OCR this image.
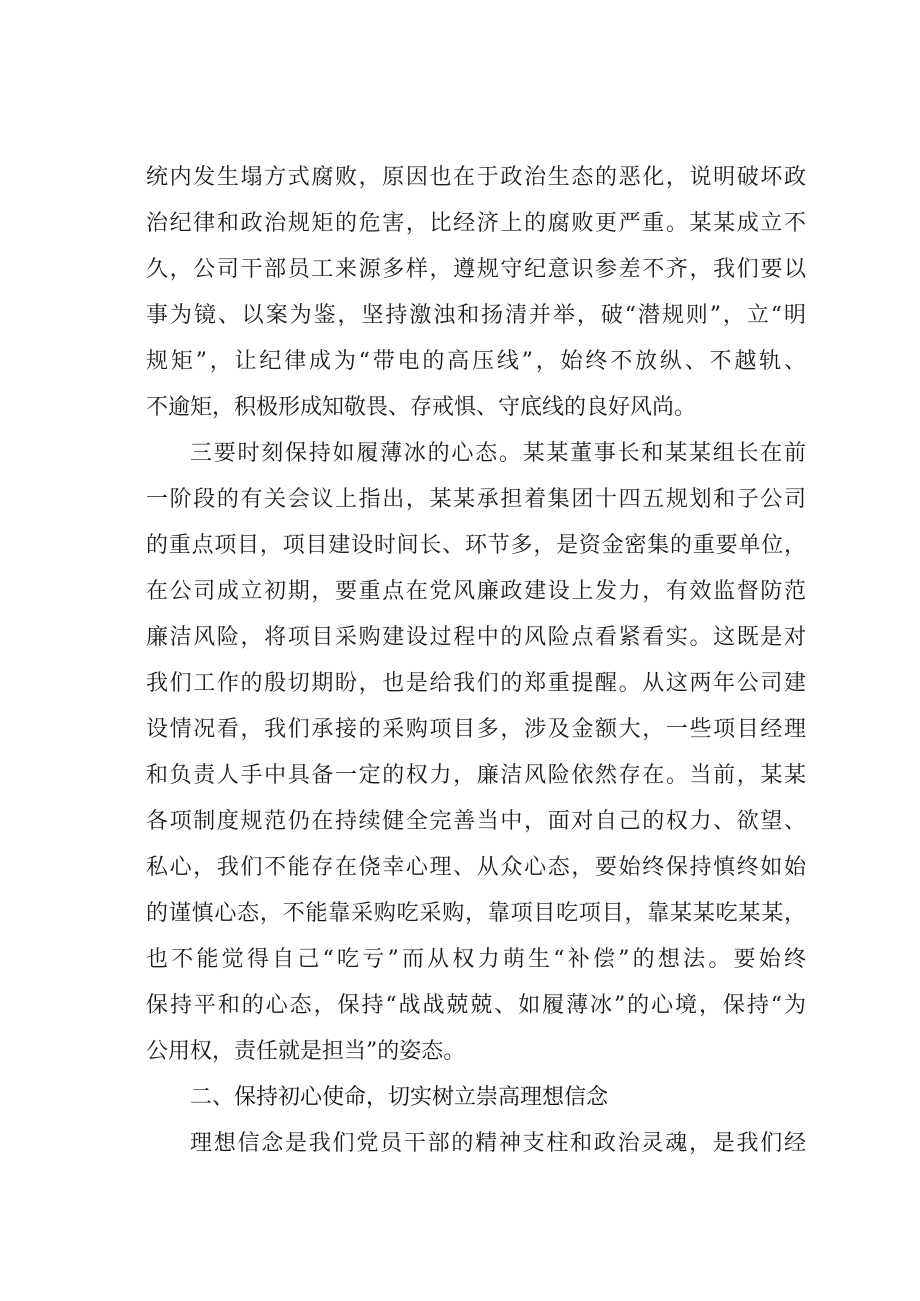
统内发生塌方式腐败，原因也在于政治生态的恶化，说明破坏政
治纪律和政治规矩的危害，比经济上的腐败更严重。某某成立不
久，公司干部员工来源多样，遵规守纪意识参差不齐，我们要以
事为镜、以案为鉴，坚持激浊和扬清并举，破“潜规则”，立“明
规矩”，让纪律成为“带电的高压线”，始终不放纵、不越轨、
不逾矩，积极形成知敬畏、存戒惧、守底线的良好风尚。
三要时刻保持如履薄冰的心态。某某董事长和某某组长在前
一阶段的有关会议上指出，某某承担着集团十四五规划和子公司
的重点项目，项目建设时间长、环节多，是资金密集的重要单位，
在公司成立初期，要重点在党风廉政建设上发力，有效监督防范
廉洁风险，将项目采购建设过程中的风险点看紧看实。这既是对
我们工作的殷切期盼，也是给我们的郑重提醒。从这两年公司建
设情况看，我们承接的采购项目多，涉及金额大，一些项目经理
和负责人手中具备一定的权力，廉洁风险依然存在。当前，某某
各项制度规范仍在持续健全完善当中，面对自己的权力、欲望、
私心，我们不能存在侥幸心理、从众心态，要始终保持慎终如始
的谨慎心态，不能靠采购吃采购，靠项目吃项目，靠某某吃某某，
也不能觉得自己“吃亏”而从权力萌生“补偿”的想法。要始终
保持平和的心态，保持“战战兢兢、如履薄冰”的心境，保持“为
公用权，责任就是担当”的姿态。
二、保持初心使命，切实树立崇高理想信念
理想信念是我们党员干部的精神支柱和政治灵魂，是我们经
